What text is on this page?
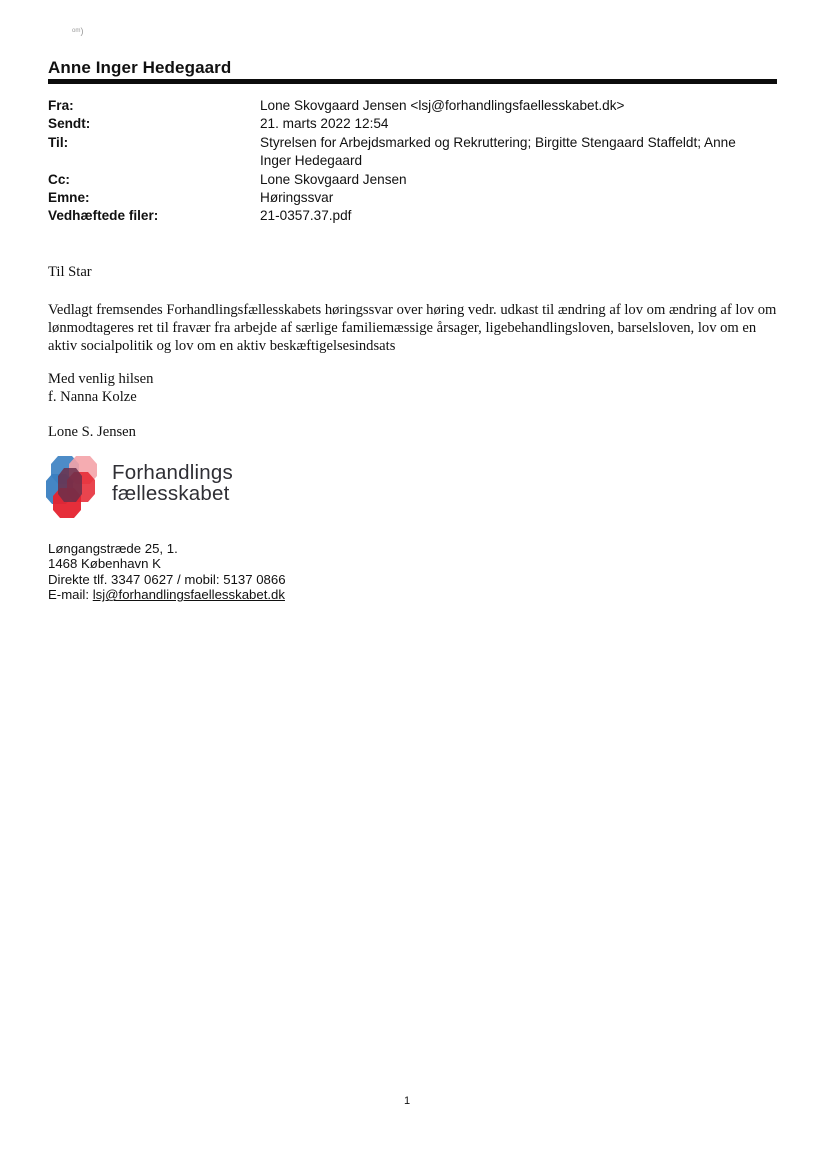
ᵒᵐ)
Anne Inger Hedegaard
Fra:	Lone Skovgaard Jensen <lsj@forhandlingsfaellesskabet.dk>
Sendt:	21. marts 2022 12:54
Til:	Styrelsen for Arbejdsmarked og Rekruttering; Birgitte Stengaard Staffeldt; Anne Inger Hedegaard
Cc:	Lone Skovgaard Jensen
Emne:	Høringssvar
Vedhæftede filer:	21-0357.37.pdf
Til Star
Vedlagt fremsendes Forhandlingsfællesskabets høringssvar over høring vedr. udkast til ændring af lov om ændring af lov om lønmodtageres ret til fravær fra arbejde af særlige familiemæssige årsager, ligebehandlingsloven, barselsloven, lov om en aktiv socialpolitik og lov om en aktiv beskæftigelsesindsats
Med venlig hilsen
f. Nanna Kolze
Lone S. Jensen
Forhandlings
fællesskabet
Løngangstræde 25, 1.
1468 København K
Direkte tlf. 3347 0627 / mobil: 5137 0866
E-mail: lsj@forhandlingsfaellesskabet.dk
1
